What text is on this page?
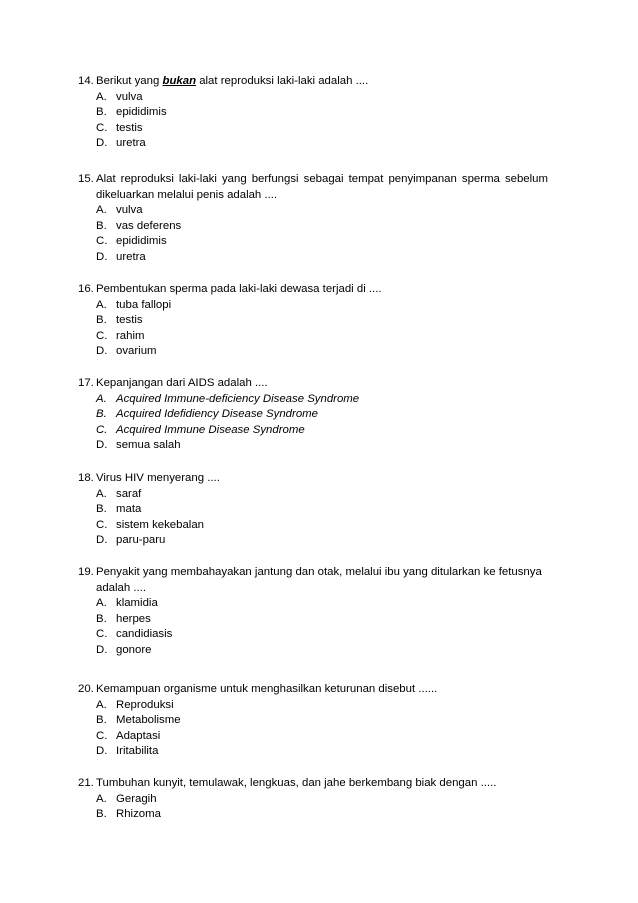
14. Berikut yang bukan alat reproduksi laki-laki adalah ....
A. vulva
B. epididimis
C. testis
D. uretra
15. Alat reproduksi laki-laki yang berfungsi sebagai tempat penyimpanan sperma sebelum dikeluarkan melalui penis adalah ....
A. vulva
B. vas deferens
C. epididimis
D. uretra
16. Pembentukan sperma pada laki-laki dewasa terjadi di ....
A. tuba fallopi
B. testis
C. rahim
D. ovarium
17. Kepanjangan dari AIDS adalah ....
A. Acquired Immune-deficiency Disease Syndrome
B. Acquired Idefidiency Disease Syndrome
C. Acquired Immune Disease Syndrome
D. semua salah
18. Virus HIV menyerang ....
A. saraf
B. mata
C. sistem kekebalan
D. paru-paru
19. Penyakit yang membahayakan jantung dan otak, melalui ibu yang ditularkan ke fetusnya adalah ....
A. klamidia
B. herpes
C. candidiasis
D. gonore
20. Kemampuan organisme untuk menghasilkan keturunan disebut ......
A. Reproduksi
B. Metabolisme
C. Adaptasi
D. Iritabilita
21. Tumbuhan kunyit, temulawak, lengkuas, dan jahe berkembang biak dengan .....
A. Geragih
B. Rhizoma
